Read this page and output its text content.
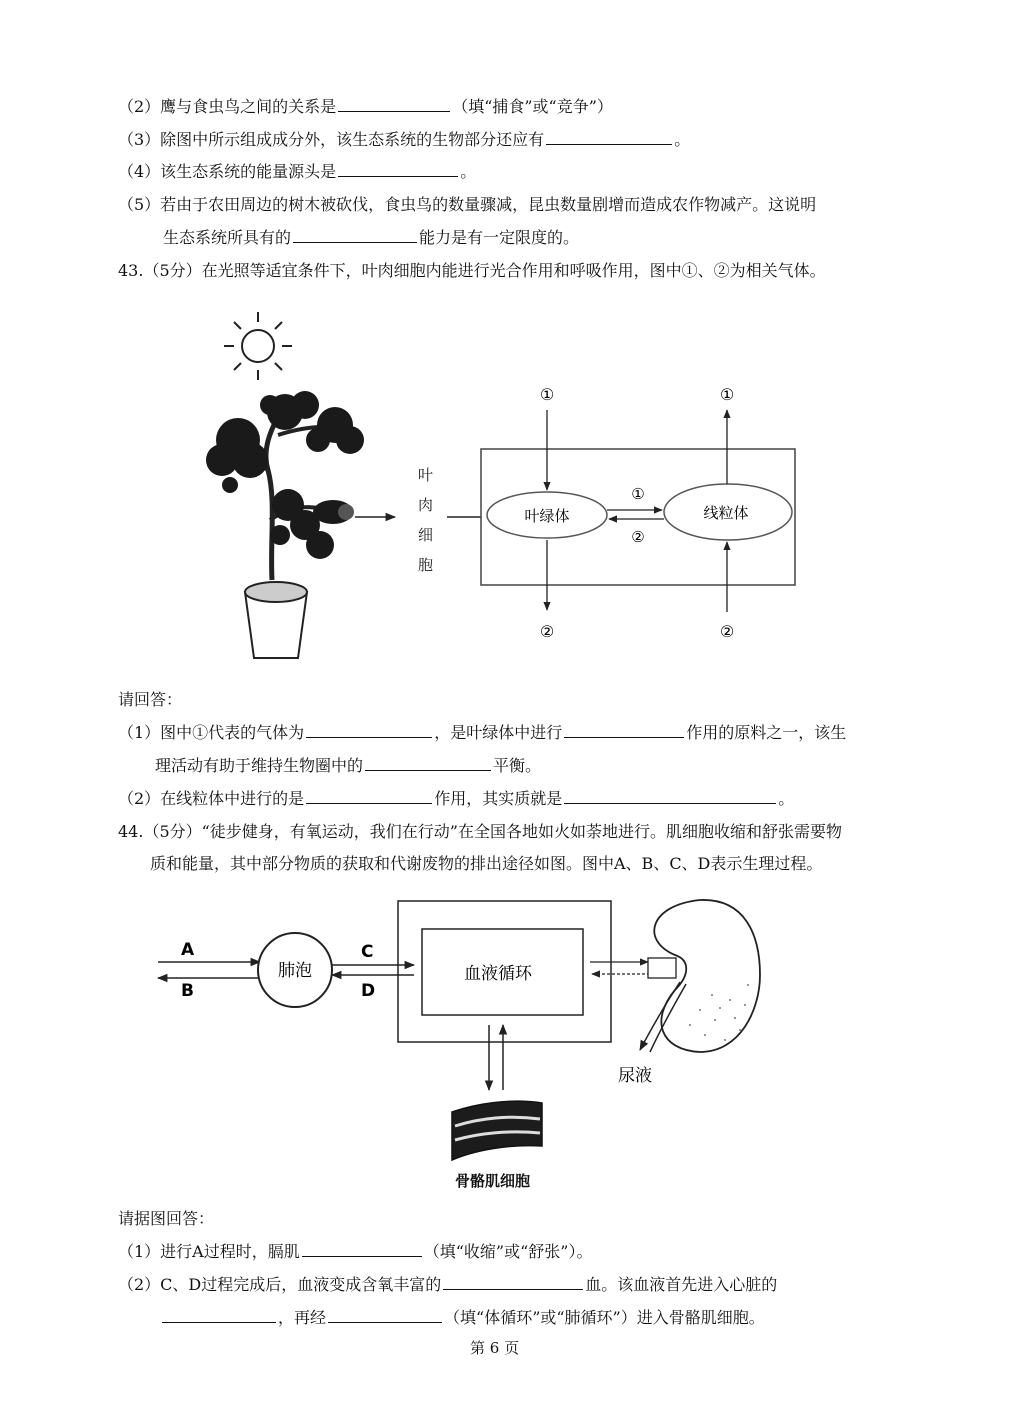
（2）鹰与食虫鸟之间的关系是	（填“捕食”或“竞争”）
（3）除图中所示组成成分外，该生态系统的生物部分还应有	。
（4）该生态系统的能量源头是	。
（5）若由于农田周边的树木被砍伐，食虫鸟的数量骤减，昆虫数量剧增而造成农作物减产。这说明
生态系统所具有的	能力是有一定限度的。
43.（5分）在光照等适宜条件下，叶肉细胞内能进行光合作用和呼吸作用，图中①、②为相关气体。
叶
肉
细
胞
叶绿体	线粒体
①
②
①
②
①
②
请回答：
（1）图中①代表的气体为	，是叶绿体中进行	作用的原料之一，该生
理活动有助于维持生物圈中的	平衡。
（2）在线粒体中进行的是	作用，其实质就是	。
44.（5分）“徒步健身，有氧运动，我们在行动”在全国各地如火如荼地进行。肌细胞收缩和舒张需要物
质和能量，其中部分物质的获取和代谢废物的排出途径如图。图中A、B、C、D表示生理过程。
A
B
肺泡
C
D
血液循环
尿液
骨骼肌细胞
请据图回答：
（1）进行A过程时，膈肌	（填“收缩”或“舒张”）。
（2）C、D过程完成后，血液变成含氧丰富的	血。该血液首先进入心脏的
，再经	（填“体循环”或“肺循环”）进入骨骼肌细胞。
第 6 页
